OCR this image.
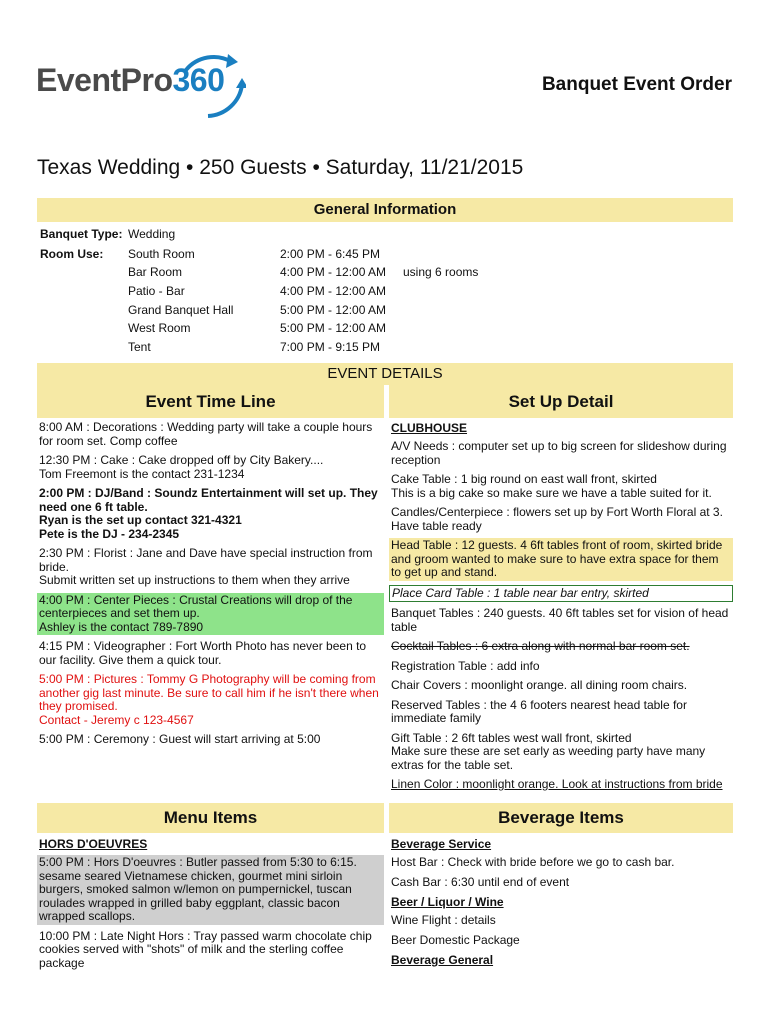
EventPro360	Banquet Event Order
Texas Wedding • 250 Guests • Saturday, 11/21/2015
General Information
Banquet Type: Wedding
Room Use: South Room	2:00 PM - 6:45 PM
Bar Room	4:00 PM - 12:00 AM using 6 rooms
Patio - Bar	4:00 PM - 12:00 AM
Grand Banquet Hall	5:00 PM - 12:00 AM
West Room	5:00 PM - 12:00 AM
Tent	7:00 PM - 9:15 PM
EVENT DETAILS
Event Time Line	Set Up Detail
8:00 AM : Decorations : Wedding party will take a couple hours for room set. Comp coffee
12:30 PM : Cake : Cake dropped off by City Bakery....
Tom Freemont is the contact 231-1234
2:00 PM : DJ/Band : Soundz Entertainment will set up. They need one 6 ft table.
Ryan is the set up contact 321-4321
Pete is the DJ - 234-2345
2:30 PM : Florist : Jane and Dave have special instruction from bride.
Submit written set up instructions to them when they arrive
4:00 PM : Center Pieces : Crustal Creations will drop of the centerpieces and set them up.
Ashley is the contact 789-7890
4:15 PM : Videographer : Fort Worth Photo has never been to our facility. Give them a quick tour.
5:00 PM : Pictures : Tommy G Photography will be coming from another gig last minute. Be sure to call him if he isn't there when they promised.
Contact - Jeremy c 123-4567
5:00 PM : Ceremony : Guest will start arriving at 5:00
CLUBHOUSE
A/V Needs : computer set up to big screen for slideshow during reception
Cake Table : 1 big round on east wall front, skirted
This is a big cake so make sure we have a table suited for it.
Candles/Centerpiece : flowers set up by Fort Worth Floral at 3. Have table ready
Head Table : 12 guests. 4 6ft tables front of room, skirted bride and groom wanted to make sure to have extra space for them to get up and stand.
Place Card Table : 1 table near bar entry, skirted
Banquet Tables : 240 guests. 40 6ft tables set for vision of head table
Cocktail Tables : 6 extra along with normal bar room set.
Registration Table : add info
Chair Covers : moonlight orange. all dining room chairs.
Reserved Tables : the 4 6 footers nearest head table for immediate family
Gift Table : 2 6ft tables west wall front, skirted
Make sure these are set early as weeding party have many extras for the table set.
Linen Color : moonlight orange. Look at instructions from bride
Menu Items	Beverage Items
HORS D'OEUVRES
5:00 PM : Hors D'oeuvres : Butler passed from 5:30 to 6:15. sesame seared Vietnamese chicken, gourmet mini sirloin burgers, smoked salmon w/lemon on pumpernickel, tuscan roulades wrapped in grilled baby eggplant, classic bacon wrapped scallops.
10:00 PM : Late Night Hors : Tray passed warm chocolate chip cookies served with "shots" of milk and the sterling coffee package
Beverage Service
Host Bar : Check with bride before we go to cash bar.
Cash Bar : 6:30 until end of event
Beer / Liquor / Wine
Wine Flight : details
Beer Domestic Package
Beverage General
